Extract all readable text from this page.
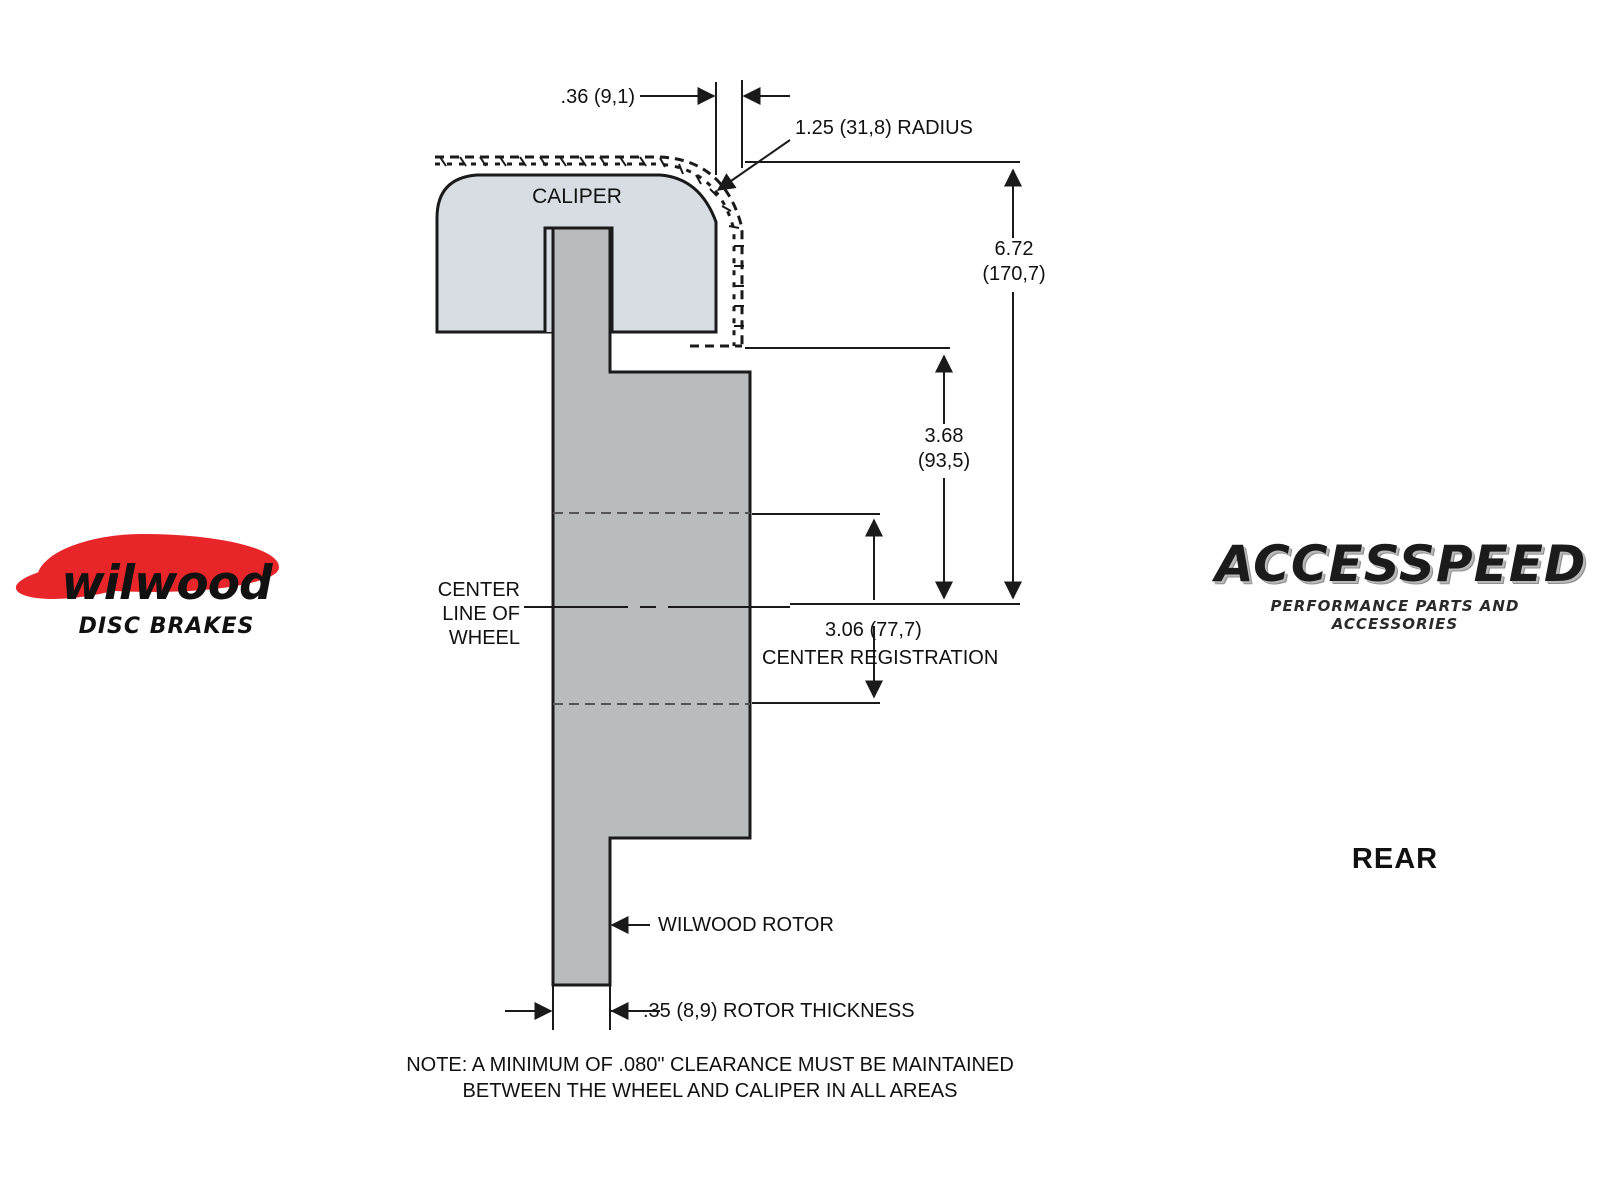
CALIPER
.36 (9,1)
1.25 (31,8) RADIUS
6.72
(170,7)
3.68
(93,5)
CENTER
LINE OF
WHEEL	3.06 (77,7)
CENTER REGISTRATION
WILWOOD ROTOR
.35 (8,9) ROTOR THICKNESS
NOTE: A MINIMUM OF .080" CLEARANCE MUST BE MAINTAINED
BETWEEN THE WHEEL AND CALIPER IN ALL AREAS
wilwood
DISC BRAKES
ACCESSPEED
PERFORMANCE PARTS AND ACCESSORIES
REAR
